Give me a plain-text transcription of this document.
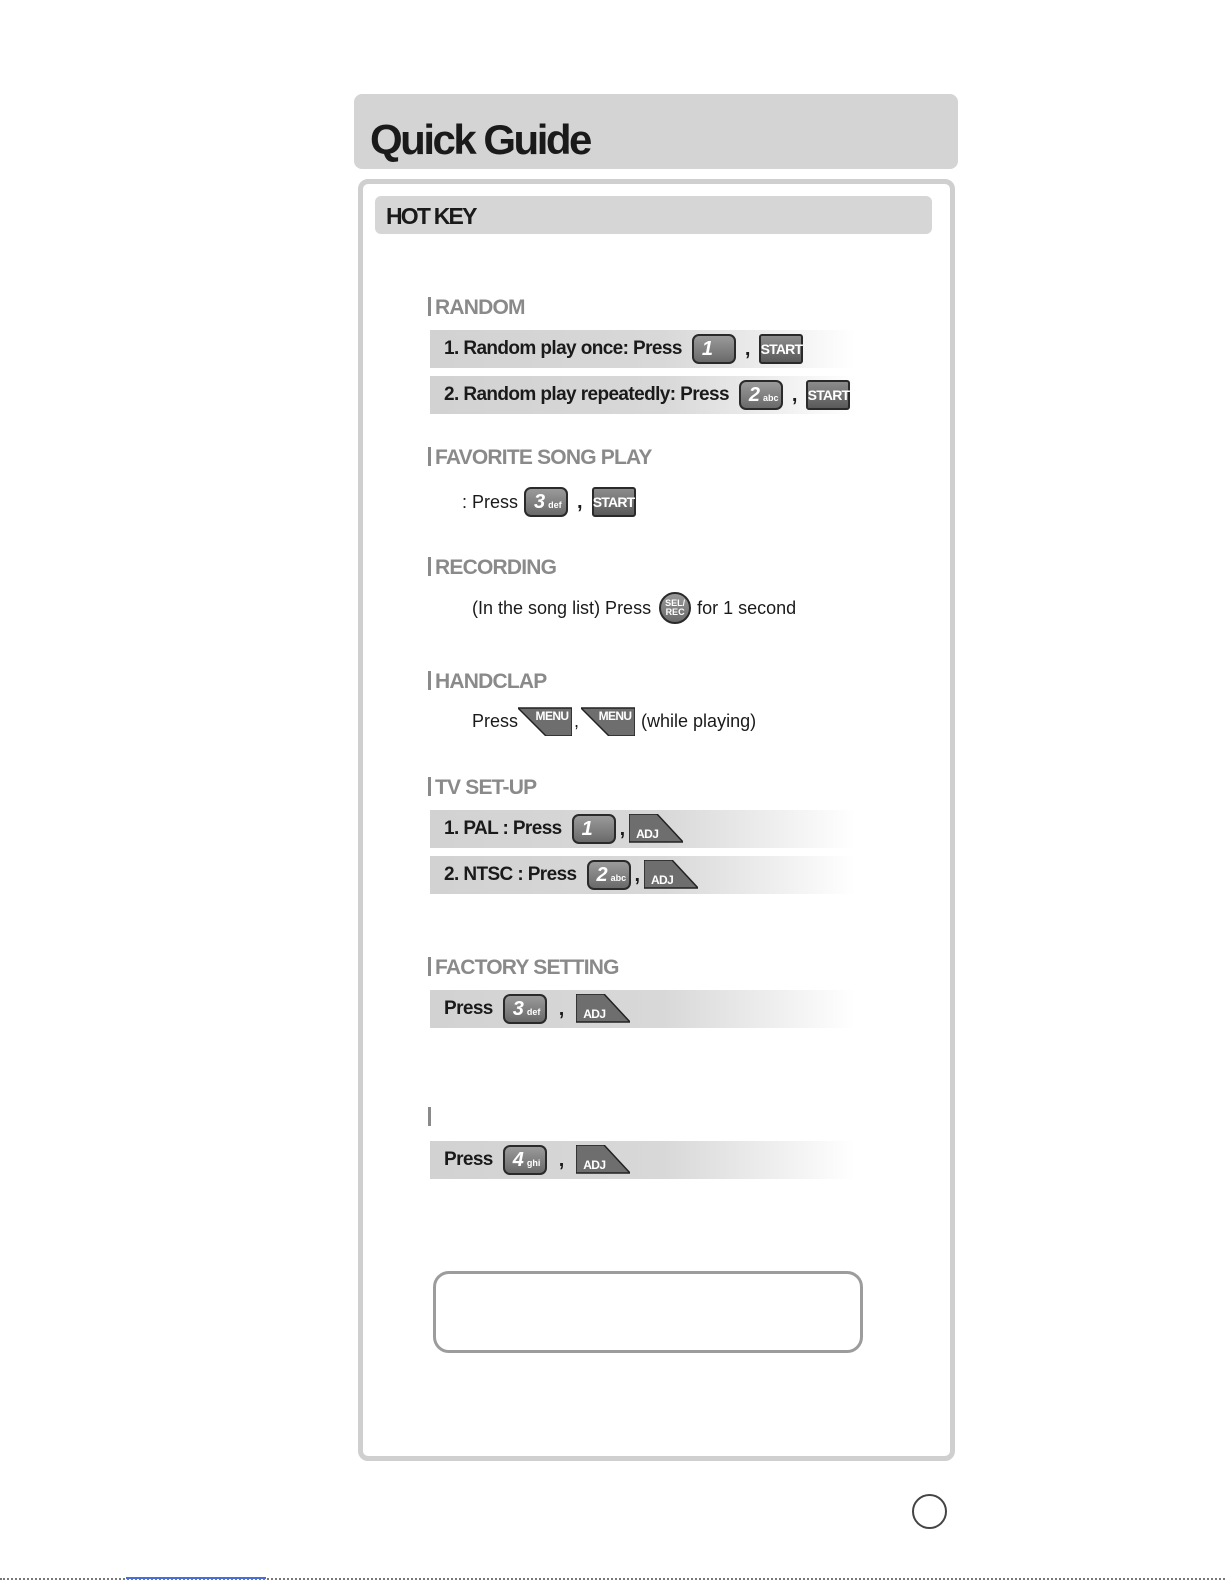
Quick Guide
HOT KEY
RANDOM
1. Random play once: Press 1 , START
2. Random play repeatedly: Press 2 abc , START
FAVORITE SONG PLAY
: Press 3 def , START
RECORDING
(In the song list) Press SEL/
REC for 1 second
HANDCLAP
Press MENU , MENU (while playing)
TV SET-UP
1. PAL : Press 1 , ADJ
2. NTSC : Press 2 abc , ADJ
FACTORY SETTING
Press 3 def , ADJ
Press 4 ghi , ADJ
